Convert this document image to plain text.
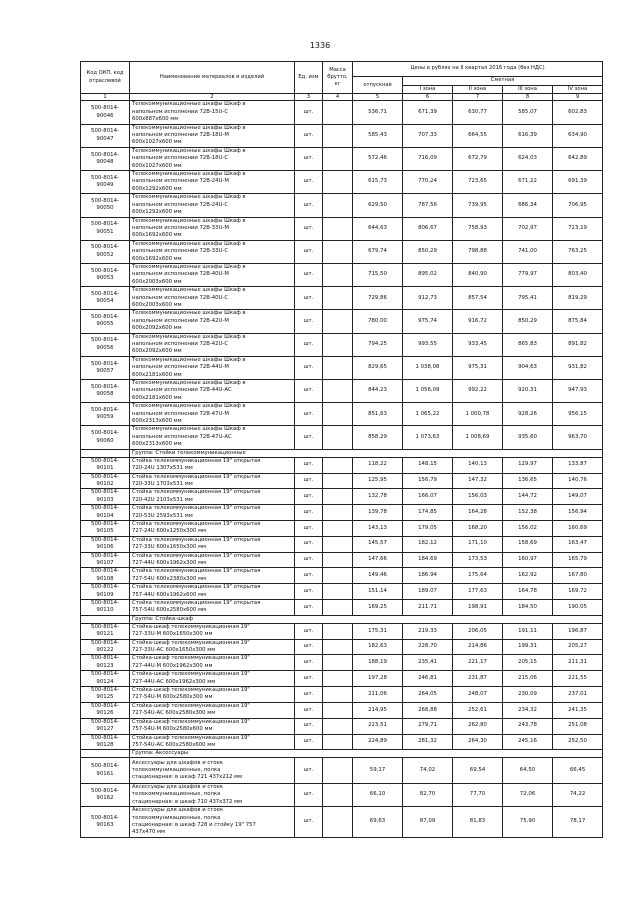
1336
Код ОКП, код отраслевой	Наименование материалов и изделий	Ед. изм	Масса брутто, кг	Цены в рублях на II квартал 2016 года (без НДС)				
				отпускная	Сметная			
					I зона	II зона	III зона	IV зона
1	2	3	4	5	6	7	8	9
500-8014-
90046	Телекоммуникационные шкафы Шкаф в
напольном исполнении 72В-15U-С
600x887x600 мм	шт.		536,71	671,39	630,77	585,07	602,83
500-8014-
90047	Телекоммуникационные шкафы Шкаф в
напольном исполнении 72В-18U-М
600x1027x600 мм	шт.		585,43	707,33	664,55	616,39	634,90
500-8014-
90048	Телекоммуникационные шкафы Шкаф в
напольном исполнении 72В-18U-С
600x1027x600 мм	шт.		572,46	716,09	672,79	624,03	642,89
500-8014-
90049	Телекоммуникационные шкафы Шкаф в
напольном исполнении 72В-24U-М
600x1292x600 мм	шт.		615,73	770,24	723,65	671,22	691,39
500-8014-
90050	Телекоммуникационные шкафы Шкаф в
напольном исполнении 72В-24U-С
600x1292x600 мм	шт.		629,50	787,56	739,95	686,34	706,95
500-8014-
90051	Телекоммуникационные шкафы Шкаф в
напольном исполнении 72В-33U-М
600x1692x600 мм	шт.		644,63	806,67	758,93	702,97	723,19
500-8014-
90052	Телекоммуникационные шкафы Шкаф в
напольном исполнении 72В-33U-С
600x1692x600 мм	шт.		679,74	850,29	798,88	741,00	763,25
500-8014-
90053	Телекоммуникационные шкафы Шкаф в
напольном исполнении 72В-40U-М
600x2003x600 мм	шт.		715,50	895,02	840,90	779,97	803,40
500-8014-
90054	Телекоммуникационные шкафы Шкаф в
напольном исполнении 72В-40U-С
600x2003x600 мм	шт.		729,86	912,73	857,54	795,41	819,29
500-8014-
90055	Телекоммуникационные шкафы Шкаф в
напольном исполнении 72В-42U-М
600x2092x600 мм	шт.		780,00	975,74	916,72	850,29	875,84
500-8014-
90056	Телекоммуникационные шкафы Шкаф в
напольном исполнении 72В-42U-С
600x2092x600 мм	шт.		794,25	993,55	933,45	865,83	891,82
500-8014-
90057	Телекоммуникационные шкафы Шкаф в
напольном исполнении 72В-44U-М
600x2181x600 мм	шт.		829,65	1 038,08	975,31	904,63	931,82
500-8014-
90058	Телекоммуникационные шкафы Шкаф в
напольном исполнении 72В-44U-АС
600x2181x600 мм	шт.		844,23	1 056,09	992,22	920,31	947,93
500-8014-
90059	Телекоммуникационные шкафы Шкаф в
напольном исполнении 72В-47U-М
600x2313x600 мм	шт.		851,63	1 065,22	1 000,78	928,26	956,15
500-8014-
90060	Телекоммуникационные шкафы Шкаф в
напольном исполнении 72В-47U-АС
600x2313x600 мм	шт.		858,29	1 073,63	1 008,69	935,60	963,70
	Группа: Стойки телекоммуникационные							
500-8014-
90101	Стойка телекоммуникационная 19" открытая
720-24U 1307x531 мм	шт.		118,22	148,15	140,13	129,97	133,87
500-8014-
90102	Стойка телекоммуникационная 19" открытая
720-33U 1703x531 мм	шт.		125,95	156,79	147,32	136,65	140,76
500-8014-
90103	Стойка телекоммуникационная 19" открытая
720-42U 2103x531 мм	шт.		132,78	166,07	156,03	144,72	149,07
500-8014-
90104	Стойка телекоммуникационная 19" открытая
720-53U 2593x531 мм	шт.		139,78	174,85	164,28	152,38	156,94
500-8014-
90105	Стойка телекоммуникационная 19" открытая
727-24U 600x1250x300 мм	шт.		143,13	179,05	168,20	156,02	160,69
500-8014-
90106	Стойка телекоммуникационная 19" открытая
727-33U 600x1650x300 мм	шт.		145,57	182,12	171,10	158,69	163,47
500-8014-
90107	Стойка телекоммуникационная 19" открытая
727-44U 600x1962x300 мм	шт.		147,66	184,69	173,53	160,97	165,79
500-8014-
90108	Стойка телекоммуникационная 19" открытая
727-54U 600x2380x300 мм	шт.		149,46	186,94	175,64	162,92	167,80
500-8014-
90109	Стойка телекоммуникационная 19" открытая
757-44U 600x1962x600 мм	шт.		151,14	189,07	177,63	164,78	169,72
500-8014-
90110	Стойка телекоммуникационная 19" открытая
757-54U 600x2580x600 мм	шт.		169,25	211,71	198,91	184,50	190,05
	Группа: Стойка-шкаф							
500-8014-
90121	Стойка-шкаф телекоммуникационная 19"
727-33U-М 600x1650x300 мм	шт.		175,31	219,33	206,05	191,11	196,87
500-8014-
90122	Стойка-шкаф телекоммуникационная 19"
727-33U-АС 600x1650x300 мм	шт.		182,63	228,70	214,86	199,31	205,27
500-8014-
90123	Стойка-шкаф телекоммуникационная 19"
727-44U-М 600x1962x300 мм	шт.		188,19	235,41	221,17	205,15	211,31
500-8014-
90124	Стойка-шкаф телекоммуникационная 19"
727-44U-АС 600x1962x300 мм	шт.		197,28	246,81	231,87	215,06	221,55
500-8014-
90125	Стойка-шкаф телекоммуникационная 19"
727-54U-М 600x2580x300 мм	шт.		211,06	264,05	248,07	230,09	237,01
500-8014-
90126	Стойка-шкаф телекоммуникационная 19"
727-54U-АС 600x2580x300 мм	шт.		214,95	268,88	252,61	234,32	241,35
500-8014-
90127	Стойка-шкаф телекоммуникационная 19"
757-54U-М 600x2580x600 мм	шт.		223,51	279,71	262,80	243,78	251,08
500-8014-
90128	Стойка-шкаф телекоммуникационная 19"
757-54U-АС 600x2580x600 мм	шт.		224,89	281,32	264,30	245,16	252,50
	Группа: Аксессуары							
500-8014-
90161	Аксессуары для шкафов и стоек
телекоммуникационных, полка
стационарная: в шкаф 721 437x212 мм	шт.		59,17	74,02	69,54	64,50	66,45
500-8014-
90162	Аксессуары для шкафов и стоек
телекоммуникационных, полка
стационарная: в шкаф 710 437x372 мм	шт.		66,10	82,70	77,70	72,06	74,22
500-8014-
90163	Аксессуары для шкафов и стоек
телекоммуникационных, полка
стационарная: в шкаф 728 и стойку 19" 757
437x470 мм	шт.		69,63	87,09	81,83	75,90	78,17
